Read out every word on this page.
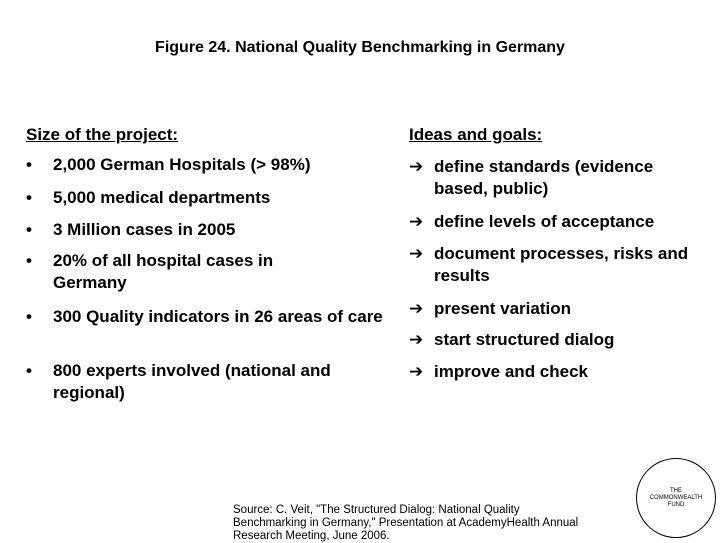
Figure 24. National Quality Benchmarking in Germany
Size of the project:	Ideas and goals:
• 2,000 German Hospitals (> 98%)
• 5,000 medical departments
• 3 Million cases in 2005
• 20% of all hospital cases in Germany
• 300 Quality indicators in 26 areas of care
• 800 experts involved (national and regional)
➔ define standards (evidence based, public)
➔ define levels of acceptance
➔ document processes, risks and results
➔ present variation
➔ start structured dialog
➔ improve and check
Source: C. Veit, "The Structured Dialog: National Quality Benchmarking in Germany," Presentation at AcademyHealth Annual Research Meeting, June 2006.
THE
COMMONWEALTH
FUND
